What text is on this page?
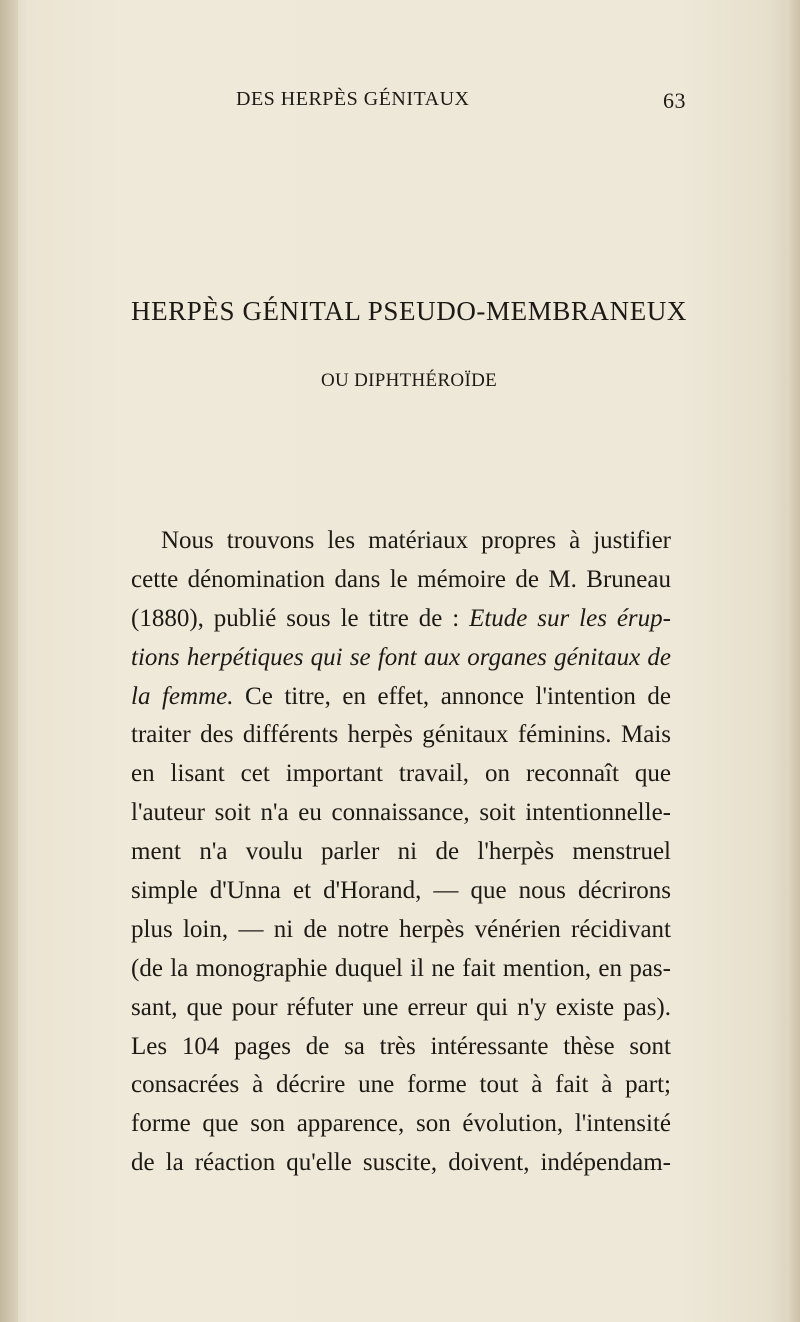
DES HERPÈS GÉNITAUX	63
HERPÈS GÉNITAL PSEUDO-MEMBRANEUX
OU DIPHTHÉROÏDE
Nous trouvons les matériaux propres à justifier
cette dénomination dans le mémoire de M. Bruneau
(1880), publié sous le titre de : Etude sur les érup-
tions herpétiques qui se font aux organes génitaux de
la femme. Ce titre, en effet, annonce l'intention de
traiter des différents herpès génitaux féminins. Mais
en lisant cet important travail, on reconnaît que
l'auteur soit n'a eu connaissance, soit intentionnelle-
ment n'a voulu parler ni de l'herpès menstruel
simple d'Unna et d'Horand, — que nous décrirons
plus loin, — ni de notre herpès vénérien récidivant
(de la monographie duquel il ne fait mention, en pas-
sant, que pour réfuter une erreur qui n'y existe pas).
Les 104 pages de sa très intéressante thèse sont
consacrées à décrire une forme tout à fait à part;
forme que son apparence, son évolution, l'intensité
de la réaction qu'elle suscite, doivent, indépendam-
